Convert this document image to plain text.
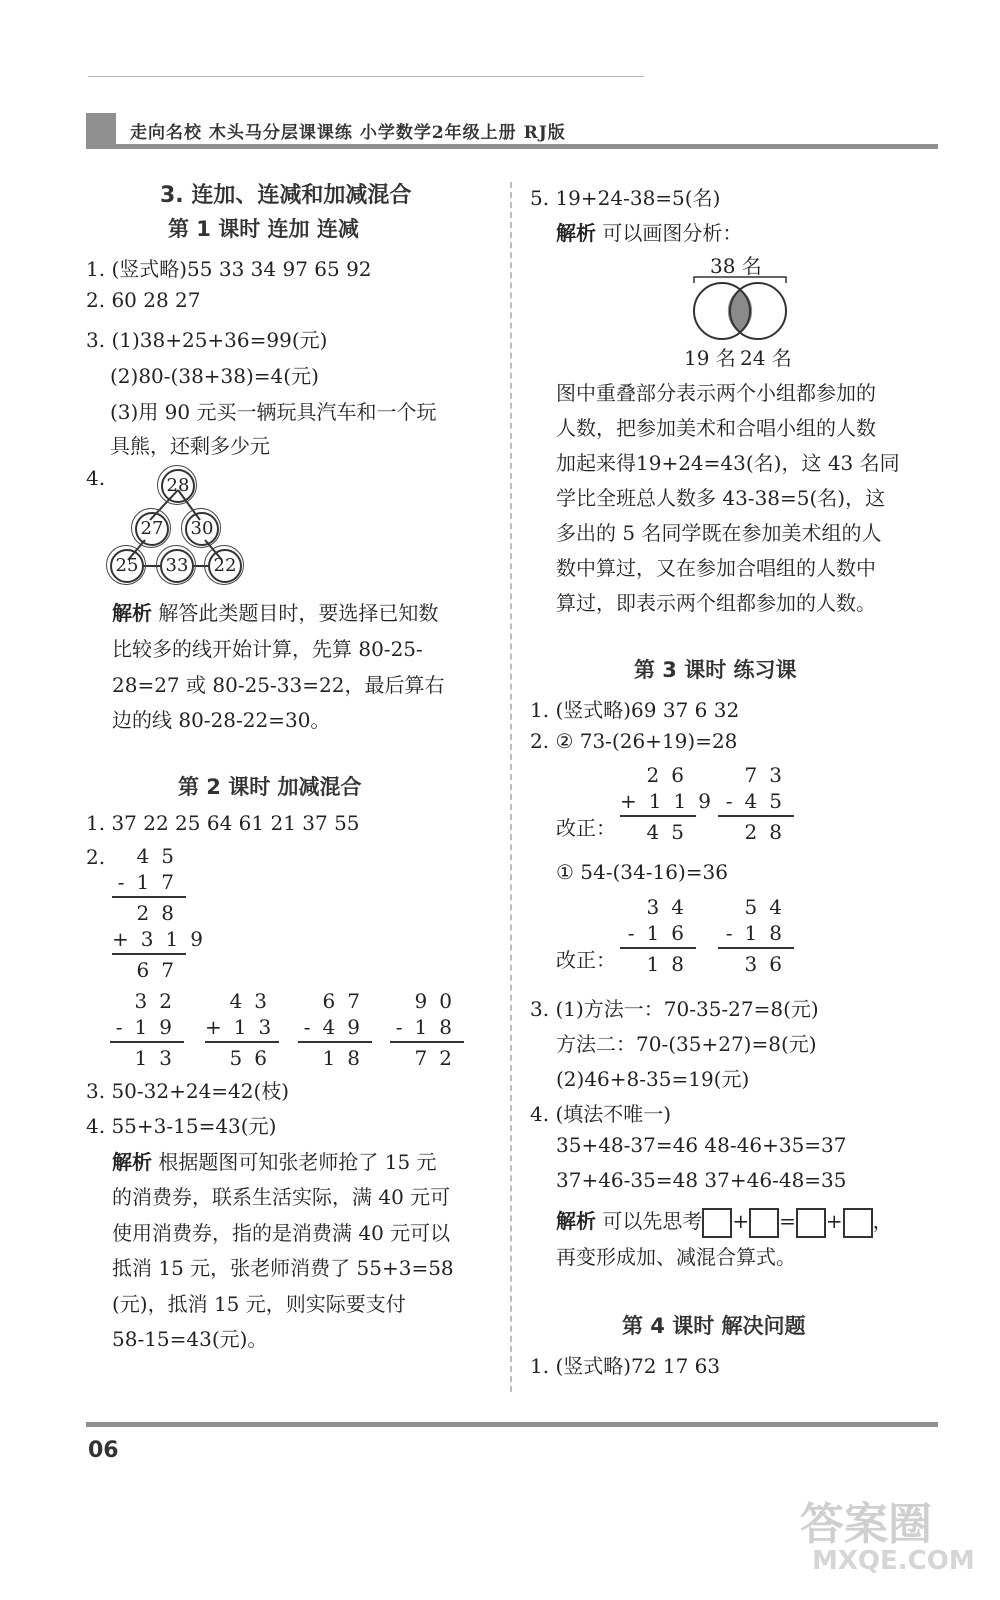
走向名校 木头马分层课课练 小学数学2年级上册 RJ版
3. 连加、连减和加减混合
第 1 课时 连加 连减
1. (竖式略)55 33 34 97 65 92
2. 60 28 27
3. (1)38+25+36=99(元)
(2)80-(38+38)=4(元)
(3)用 90 元买一辆玩具汽车和一个玩
具熊，还剩多少元
4.	28
27	30
25	33	22
解析 解答此类题目时，要选择已知数
比较多的线开始计算，先算 80-25-
28=27 或 80-25-33=22，最后算右
边的线 80-28-22=30。
第 2 课时 加减混合
1. 37 22 25 64 61 21 37 55
2.	45
-17
28
+319
67
32
-19
13
43
+13
56
67
-49
18
90
-18
72
3. 50-32+24=42(枝)
4. 55+3-15=43(元)
解析 根据题图可知张老师抢了 15 元
的消费券，联系生活实际，满 40 元可
使用消费券，指的是消费满 40 元可以
抵消 15 元，张老师消费了 55+3=58
(元)，抵消 15 元，则实际要支付
58-15=43(元)。
5. 19+24-38=5(名)
解析 可以画图分析：
38 名
19 名 24 名
图中重叠部分表示两个小组都参加的
人数，把参加美术和合唱小组的人数
加起来得19+24=43(名)，这 43 名同
学比全班总人数多 43-38=5(名)，这
多出的 5 名同学既在参加美术组的人
数中算过，又在参加合唱组的人数中
算过，即表示两个组都参加的人数。
第 3 课时 练习课
1. (竖式略)69 37 6 32
2. ② 73-(26+19)=28
改正：
26
+119
45
73
-45
28
① 54-(34-16)=36
改正：
34
-16
18
54
-18
36
3. (1)方法一：70-35-27=8(元)
方法二：70-(35+27)=8(元)
(2)46+8-35=19(元)
4. (填法不唯一)
35+48-37=46 48-46+35=37
37+46-35=48 37+46-48=35
解析 可以先思考 + = + ，
再变形成加、减混合算式。
第 4 课时 解决问题
1. (竖式略)72 17 63
06
答案圈
MXQE.COM
